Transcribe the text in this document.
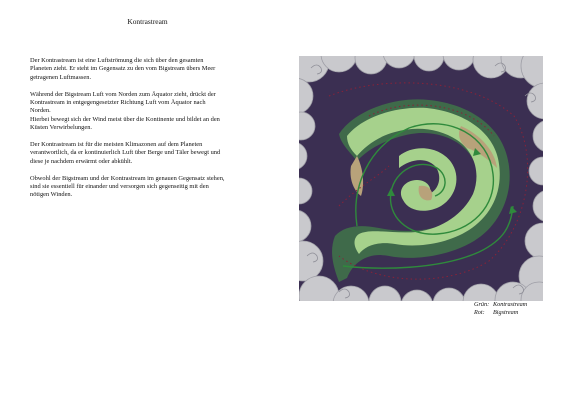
Kontrastream

Der Kontrastream ist eine Luftströmung die sich über den gesamten
Planeten zieht. Er steht im Gegensatz zu den vom Bigstream übers Meer
getragenen Luftmassen.

Während der Bigstream Luft vom Norden zum Äquator zieht, drückt der
Kontrastream in entgegengesetzter Richtung Luft vom Äquator nach
Norden.
Hierbei bewegt sich der Wind meist über die Kontinente und bildet an den
Küsten Verwirbelungen.

Der Kontrastream ist für die meisten Klimazonen auf dem Planeten
verantwortlich, da er kontinuierlich Luft über Berge und Täler bewegt und
diese je nachdem erwärmt oder abkühlt.

Obwohl der Bigstream und der Kontrastream im genauen Gegensatz stehen,
sind sie essentiell für einander und versorgen sich gegenseitig mit den
nötigen Winden.

Grün: Kontrastream
Rot:	Bigstream
